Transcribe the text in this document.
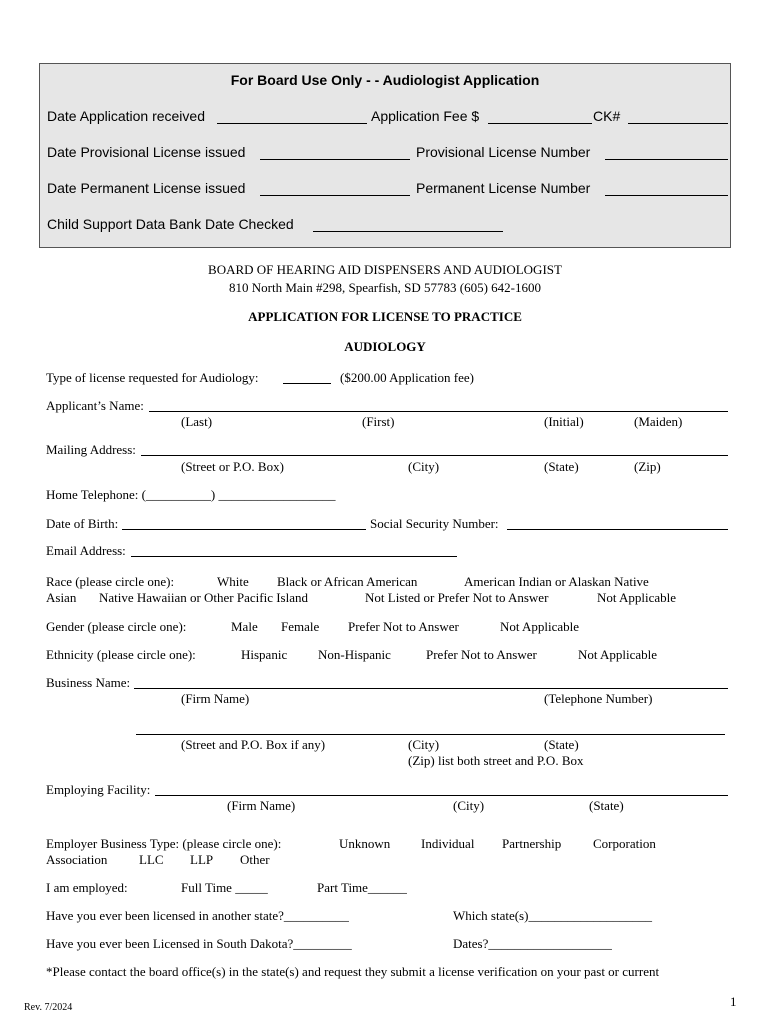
For Board Use Only - - Audiologist Application
Date Application received	Application Fee $	CK#
Date Provisional License issued	Provisional License Number
Date Permanent License issued	Permanent License Number
Child Support Data Bank Date Checked
BOARD OF HEARING AID DISPENSERS AND AUDIOLOGIST
810 North Main #298, Spearfish, SD 57783 (605) 642-1600
APPLICATION FOR LICENSE TO PRACTICE
AUDIOLOGY
Type of license requested for Audiology:	($200.00 Application fee)
Applicant’s Name:
(Last)	(First)	(Initial)	(Maiden)
Mailing Address:
(Street or P.O. Box)	(City)	(State)	(Zip)
Home Telephone: (__________) __________________
Date of Birth:	Social Security Number:
Email Address:
Race (please circle one):	White Black or African American	American Indian or Alaskan Native
Asian Native Hawaiian or Other Pacific Island	Not Listed or Prefer Not to Answer	Not Applicable
Gender (please circle one):	Male Female Prefer Not to Answer	Not Applicable
Ethnicity (please circle one):	Hispanic Non-Hispanic	Prefer Not to Answer	Not Applicable
Business Name:
(Firm Name)	(Telephone Number)
(Street and P.O. Box if any)	(City)	(State)
(Zip) list both street and P.O. Box
Employing Facility:
(Firm Name)	(City)	(State)
Employer Business Type: (please circle one):	Unknown Individual Partnership Corporation
Association LLC LLP Other
I am employed:	Full Time _____	Part Time______
Have you ever been licensed in another state?__________	Which state(s)___________________
Have you ever been Licensed in South Dakota?_________	Dates?___________________
*Please contact the board office(s) in the state(s) and request they submit a license verification on your past or current
Rev. 7/2024	1
